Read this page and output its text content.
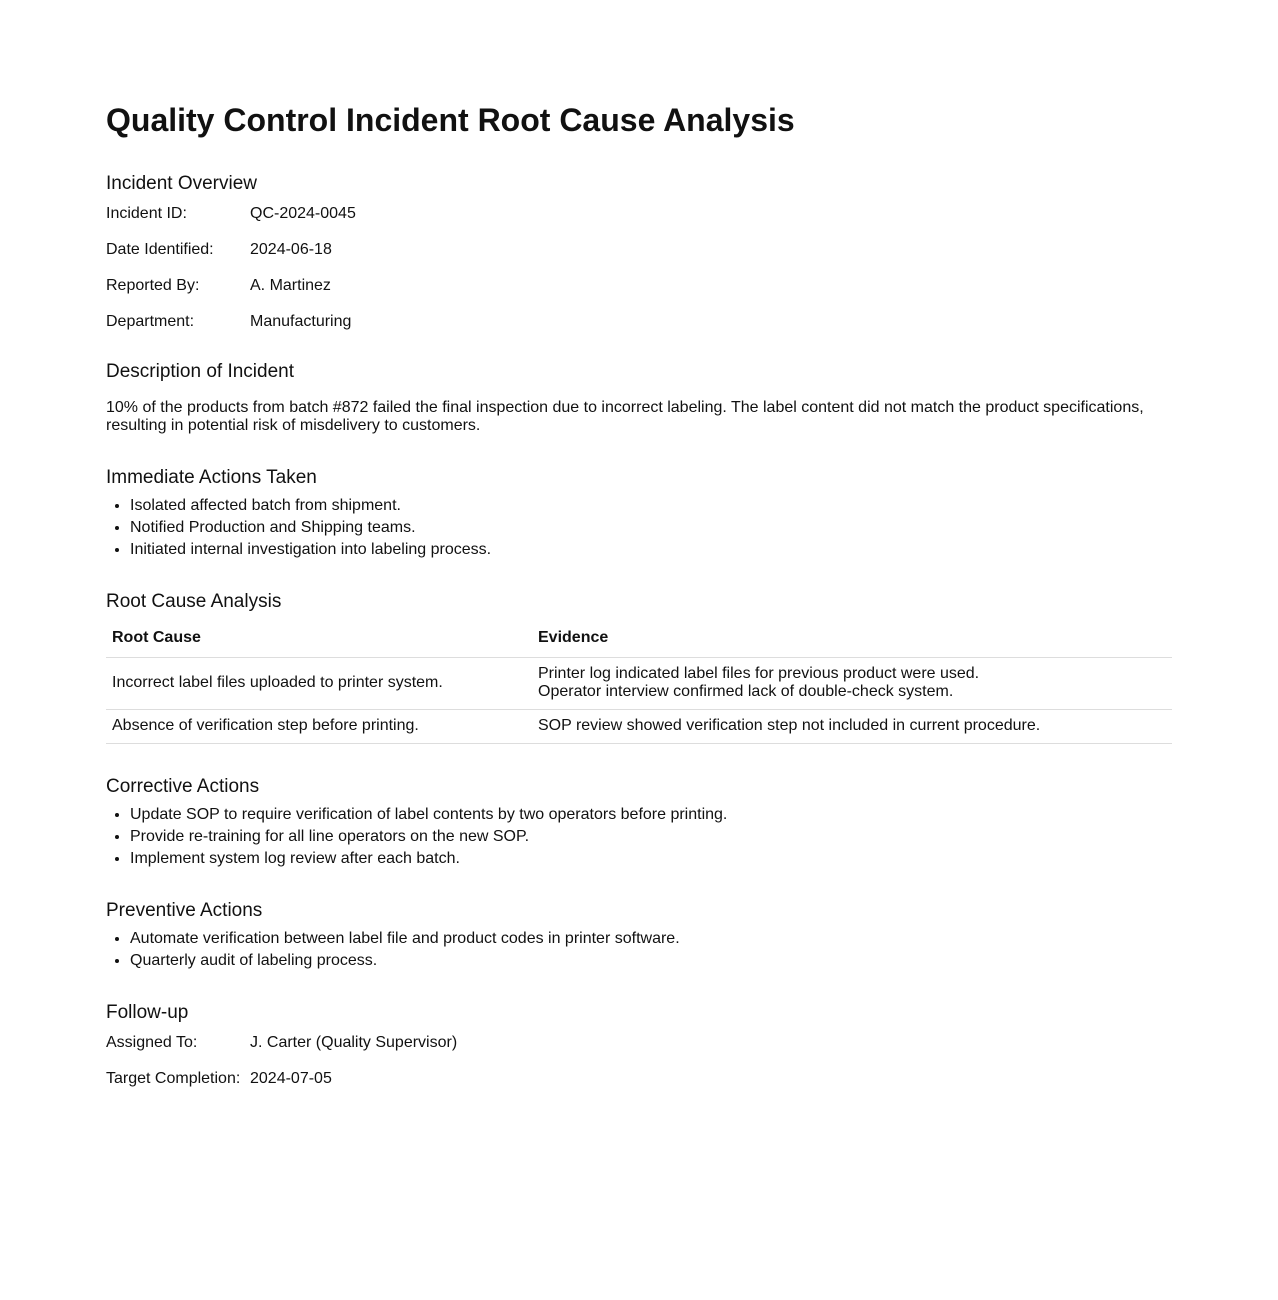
Quality Control Incident Root Cause Analysis
Incident Overview
Incident ID:	QC-2024-0045
Date Identified:	2024-06-18
Reported By:	A. Martinez
Department:	Manufacturing
Description of Incident

10% of the products from batch #872 failed the final inspection due to incorrect labeling. The label content did not match the product specifications, resulting in potential risk of misdelivery to customers.

Immediate Actions Taken
• Isolated affected batch from shipment.
• Notified Production and Shipping teams.
• Initiated internal investigation into labeling process.
Root Cause Analysis
Root Cause	Evidence
Incorrect label files uploaded to printer system.	Printer log indicated label files for previous product were used.
Operator interview confirmed lack of double-check system.

Absence of verification step before printing.	SOP review showed verification step not included in current procedure.
Corrective Actions
• Update SOP to require verification of label contents by two operators before printing.
• Provide re-training for all line operators on the new SOP.
• Implement system log review after each batch.
Preventive Actions
• Automate verification between label file and product codes in printer software.
• Quarterly audit of labeling process.
Follow-up
Assigned To:	J. Carter (Quality Supervisor)
Target Completion: 2024-07-05
